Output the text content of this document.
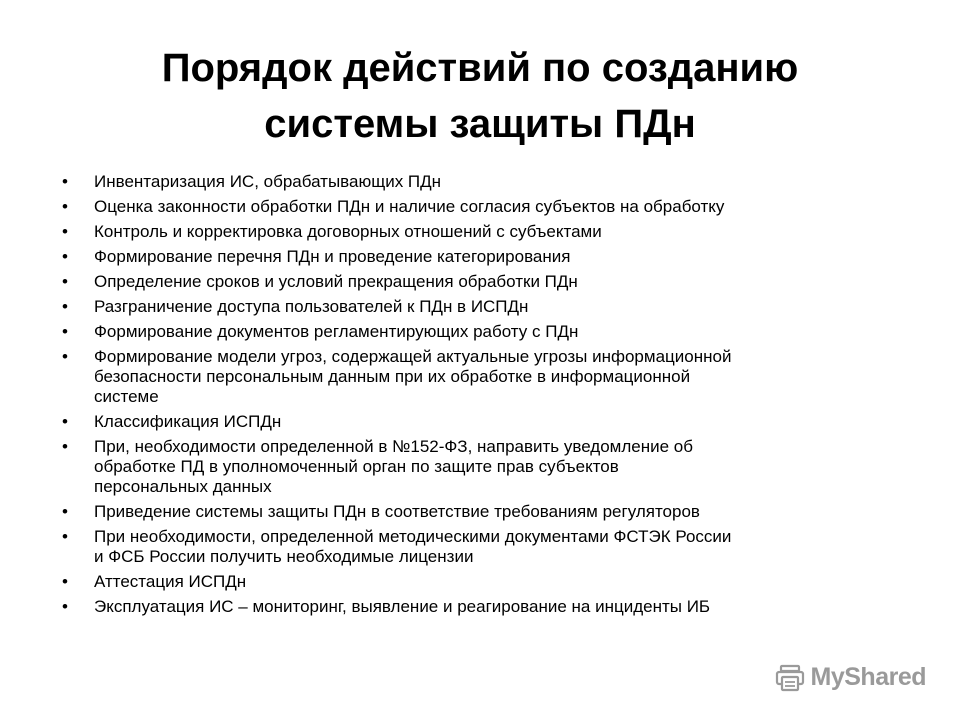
Порядок действий по созданию
системы защиты ПДн
• Инвентаризация ИС, обрабатывающих ПДн
• Оценка законности обработки ПДн и наличие согласия субъектов на обработку
• Контроль и корректировка договорных отношений с субъектами
• Формирование перечня ПДн и проведение категорирования
• Определение сроков и условий прекращения обработки ПДн
• Разграничение доступа пользователей к ПДн в ИСПДн
• Формирование документов регламентирующих работу с ПДн
• Формирование модели угроз, содержащей актуальные угрозы информационной
безопасности персональным данным при их обработке в информационной
системе
• Классификация ИСПДн
• При, необходимости определенной в №152-ФЗ, направить уведомление об
обработке ПД в уполномоченный орган по защите прав субъектов
персональных данных
• Приведение системы защиты ПДн в соответствие требованиям регуляторов
• При необходимости, определенной методическими документами ФСТЭК России
и ФСБ России получить необходимые лицензии
• Аттестация ИСПДн
• Эксплуатация ИС – мониторинг, выявление и реагирование на инциденты ИБ
MyShared
